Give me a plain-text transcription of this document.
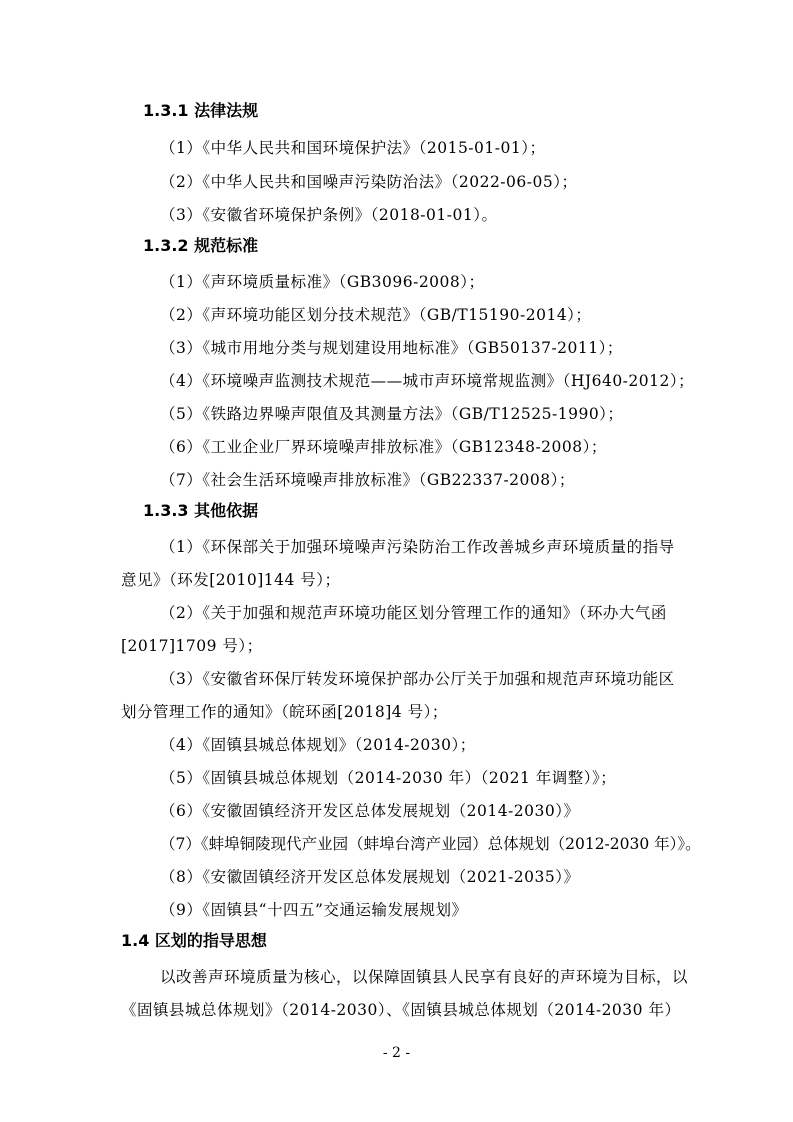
1.3.1 法律法规
（1）《中华人民共和国环境保护法》（2015-01-01）；
（2）《中华人民共和国噪声污染防治法》（2022-06-05）；
（3）《安徽省环境保护条例》（2018-01-01）。
1.3.2 规范标准
（1）《声环境质量标准》（GB3096-2008）；
（2）《声环境功能区划分技术规范》（GB/T15190-2014）；
（3）《城市用地分类与规划建设用地标准》（GB50137-2011）；
（4）《环境噪声监测技术规范——城市声环境常规监测》（HJ640-2012）；
（5）《铁路边界噪声限值及其测量方法》（GB/T12525-1990）；
（6）《工业企业厂界环境噪声排放标准》（GB12348-2008）；
（7）《社会生活环境噪声排放标准》（GB22337-2008）；
1.3.3 其他依据
（1）《环保部关于加强环境噪声污染防治工作改善城乡声环境质量的指导
意见》（环发[2010]144 号）；
（2）《关于加强和规范声环境功能区划分管理工作的通知》（环办大气函
[2017]1709 号）；
（3）《安徽省环保厅转发环境保护部办公厅关于加强和规范声环境功能区
划分管理工作的通知》（皖环函[2018]4 号）；
（4）《固镇县城总体规划》（2014-2030）；
（5）《固镇县城总体规划（2014-2030 年）（2021 年调整）》；
（6）《安徽固镇经济开发区总体发展规划（2014-2030）》
（7）《蚌埠铜陵现代产业园（蚌埠台湾产业园）总体规划（2012-2030 年）》。
（8）《安徽固镇经济开发区总体发展规划（2021-2035）》
（9）《固镇县“十四五”交通运输发展规划》
1.4 区划的指导思想
以改善声环境质量为核心，以保障固镇县人民享有良好的声环境为目标，以
《固镇县城总体规划》（2014-2030）、《固镇县城总体规划（2014-2030 年）
- 2 -
